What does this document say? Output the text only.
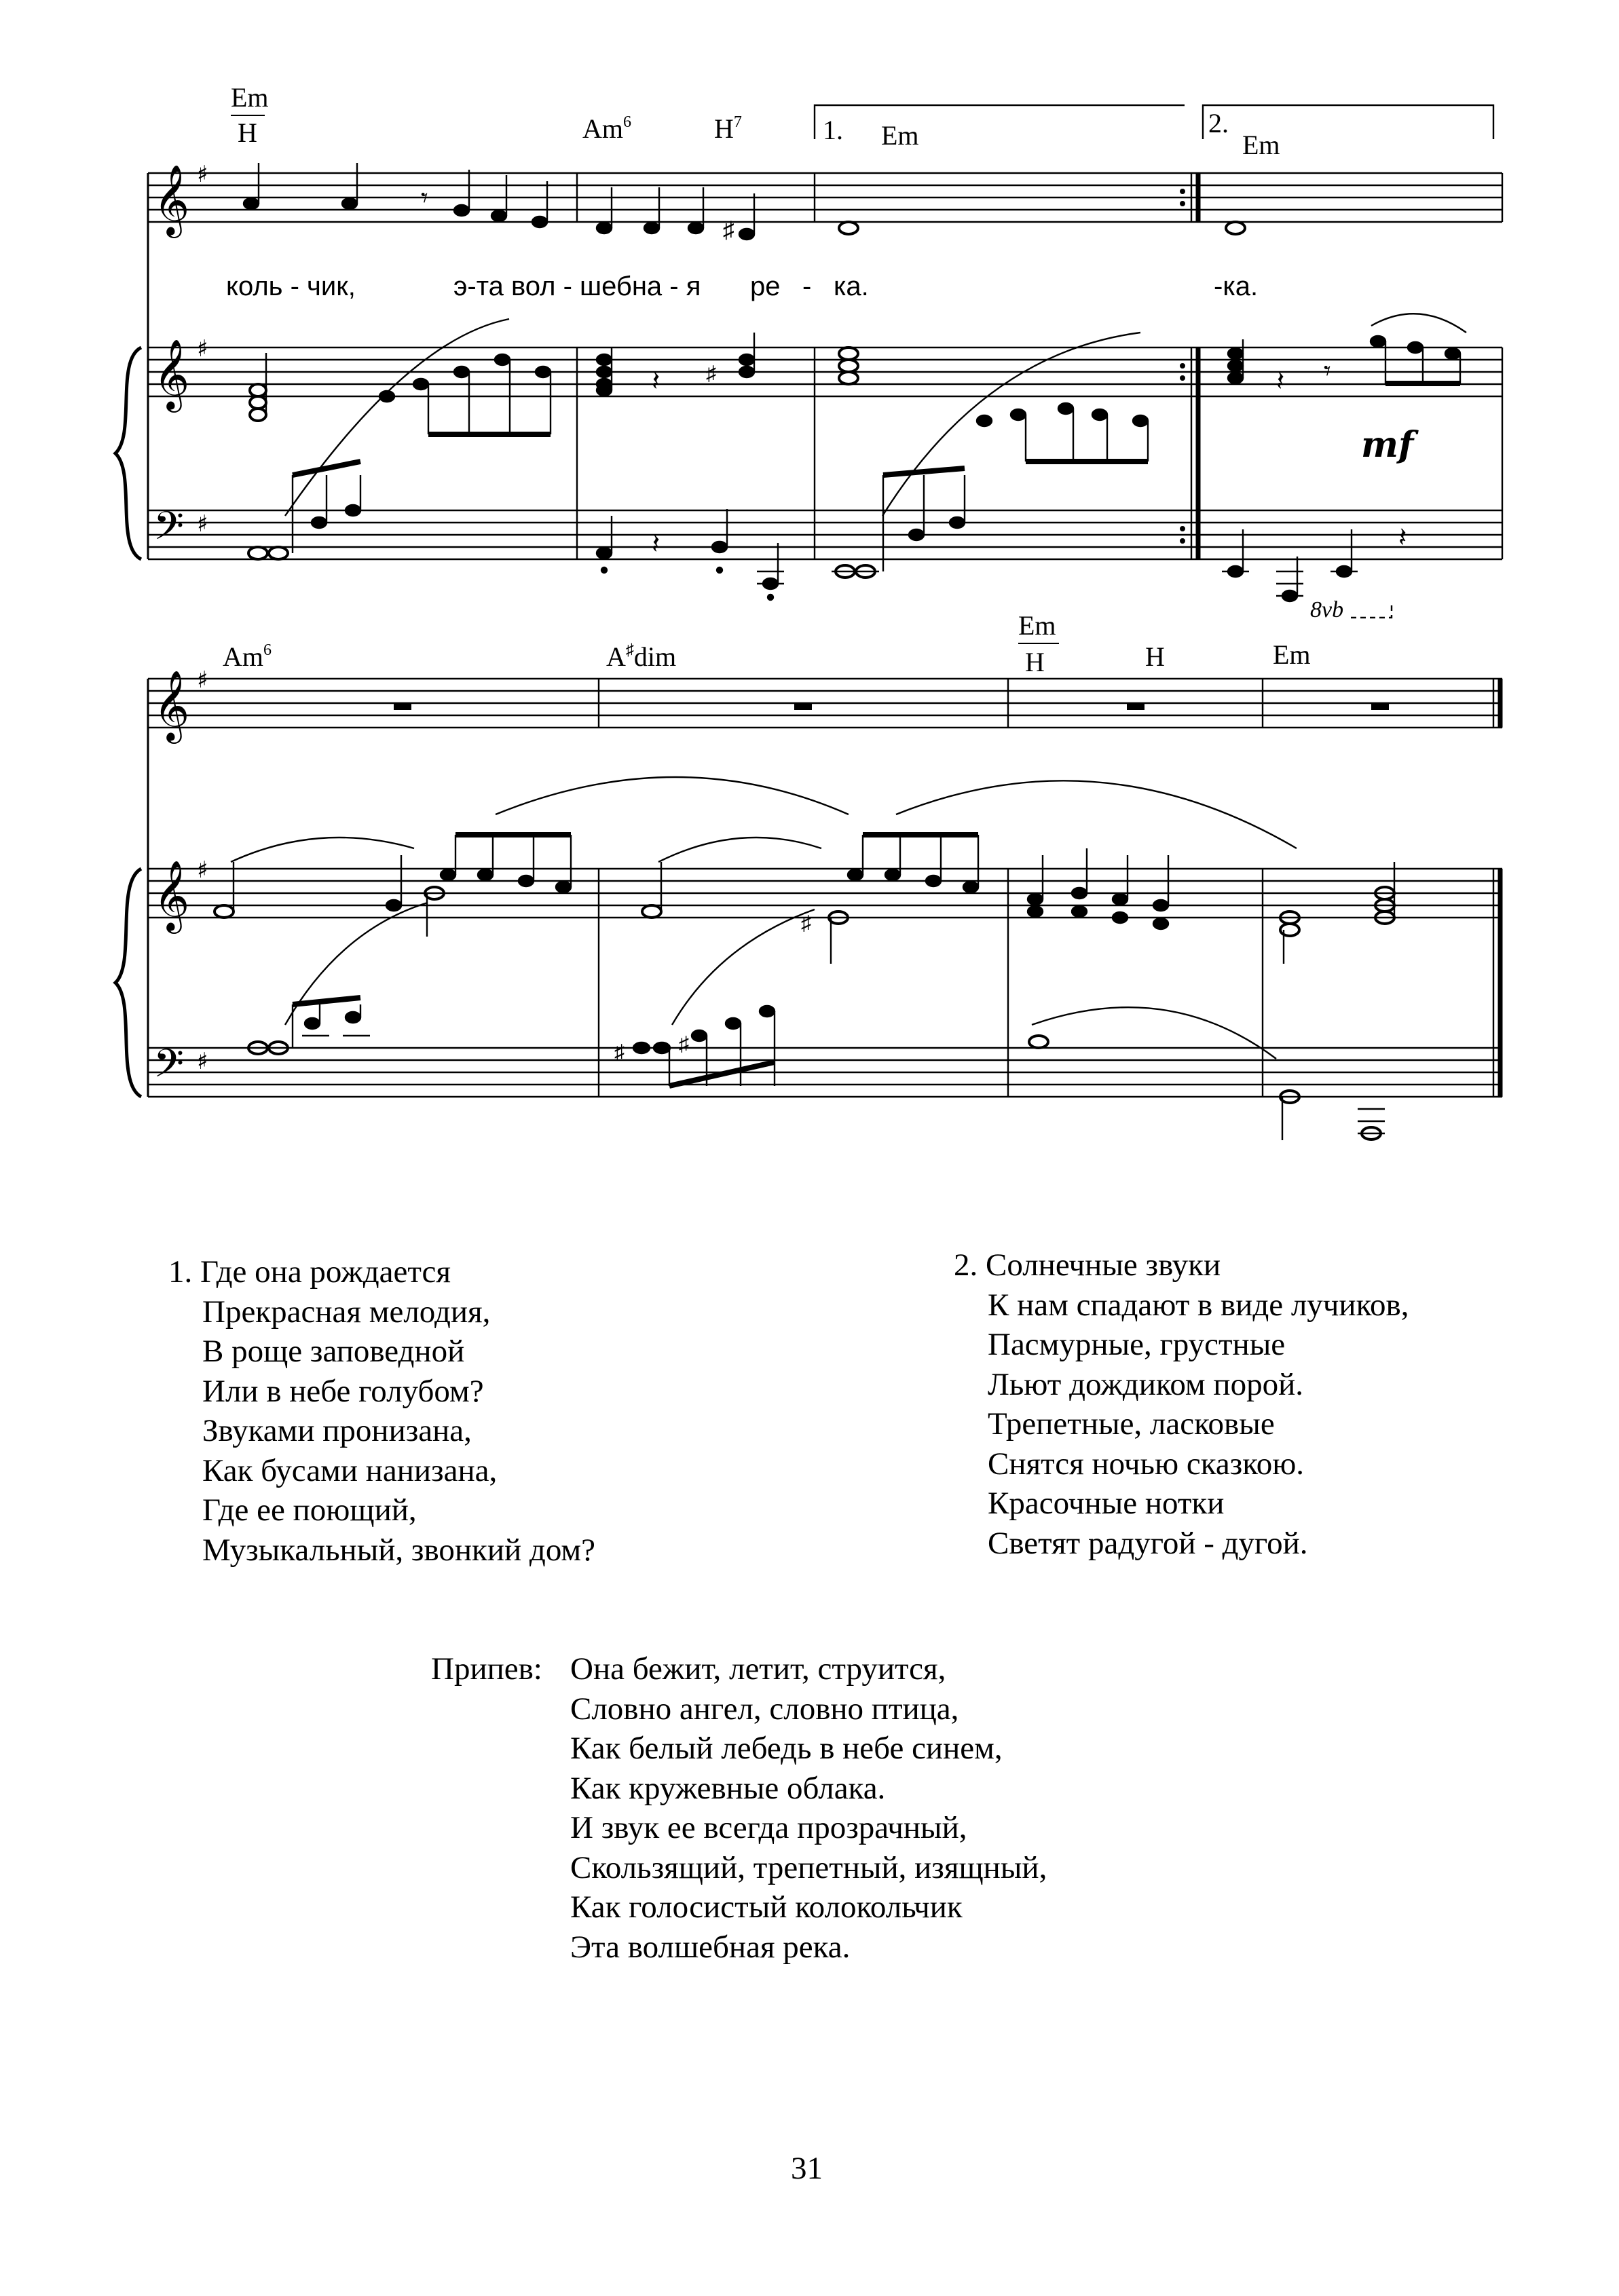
𝄞
𝄞
𝄢
𝄞
𝄞
𝄢
♯
♯
♯
♯
♯
♯
𝄾
♯
𝄽 ♯	𝄽 𝄾
𝄽	𝄽
♯
♯	♯
Em
H	Am$^6$	$H^7$	1. Em	2.
Em
коль - чик,	э-та вол - шебна - я ре - ка.	-ка.
mf
8vb
Am$^6$	A♯dim
Em
H	H	Em
1. Где она рождается
Прекрасная мелодия,
В роще заповедной
Или в небе голубом?
Звуками пронизана,
Как бусами нанизана,
Где ее поющий,
Музыкальный, звонкий дом?
2. Солнечные звуки
К нам спадают в виде лучиков,
Пасмурные, грустные
Льют дождиком порой.
Трепетные, ласковые
Снятся ночью сказкою.
Красочные нотки
Светят радугой - дугой.
Припев: Она бежит, летит, струится,
Словно ангел, словно птица,
Как белый лебедь в небе синем,
Как кружевные облака.
И звук ее всегда прозрачный,
Скользящий, трепетный, изящный,
Как голосистый колокольчик
Эта волшебная река.
31
